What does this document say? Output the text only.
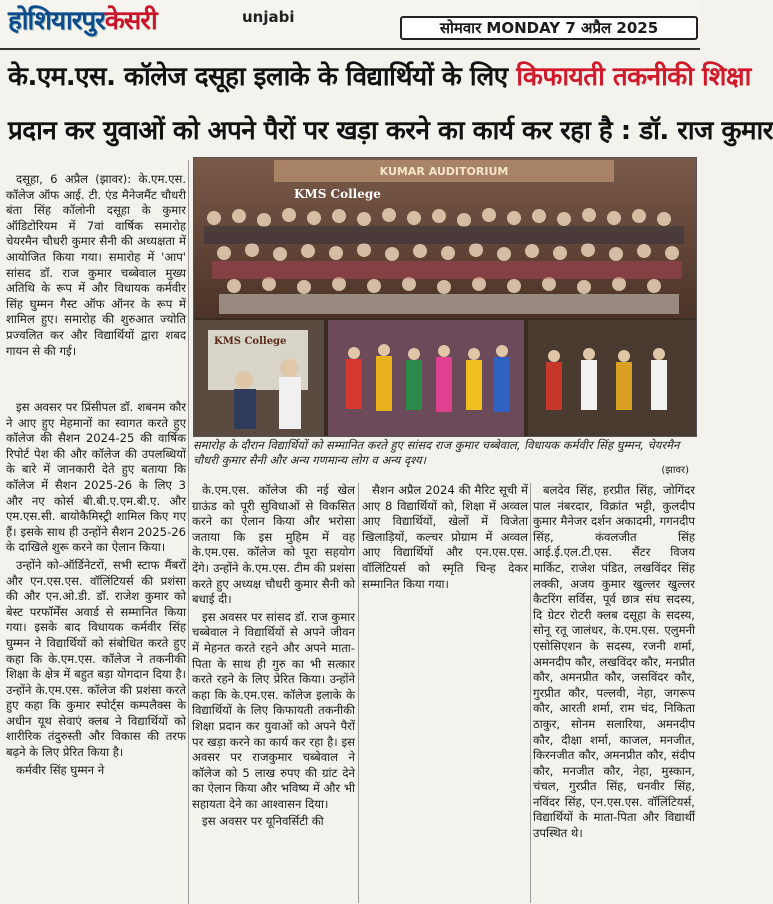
होशियारपुर केसरी	unjabi
सोमवार MONDAY 7 अप्रैल 2025
के.एम.एस. कॉलेज दसूहा इलाके के विद्यार्थियों के लिए किफायती तकनीकी शिक्षा
प्रदान कर युवाओं को अपने पैरों पर खड़ा करने का कार्य कर रहा है : डॉ. राज कुमार

दसूहा, 6 अप्रैल (झावर): के.एम.एस. कॉलेज ऑफ आई. टी. एंड मैनेजमैंट चौधरी बंता सिंह कॉलोनी दसूहा के कुमार ऑडिटोरियम में 7वां वार्षिक समारोह चेयरमैन चौधरी कुमार सैनी की अध्यक्षता में आयोजित किया गया। समारोह में 'आप' सांसद डॉ. राज कुमार चब्बेवाल मुख्य अतिथि के रूप में और विधायक कर्मवीर सिंह घुम्मन गैस्ट ऑफ ऑनर के रूप में शामिल हुए। समारोह की शुरुआत ज्योति प्रज्वलित कर और विद्यार्थियों द्वारा शबद गायन से की गई।

KUMAR AUDITORIUM
KMS College
KMS College
समारोह के दौरान विद्यार्थियों को सम्मानित करते हुए सांसद राज कुमार चब्बेवाल, विधायक कर्मवीर सिंह घुम्मन, चेयरमैन चौधरी कुमार सैनी और अन्य गणमान्य लोग व अन्य दृश्य।
(झावर)

इस अवसर पर प्रिंसीपल डॉ. शबनम कौर ने आए हुए मेहमानों का स्वागत करते हुए कॉलेज की सैशन 2024-25 की वार्षिक रिपोर्ट पेश की और कॉलेज की उपलब्धियों के बारे में जानकारी देते हुए बताया कि कॉलेज में सैशन 2025-26 के लिए 3 और नए कोर्स बी.बी.ए.एम.बी.ए. और एम.एस.सी. बायोकैमिस्ट्री शामिल किए गए हैं। इसके साथ ही उन्होंने सैशन 2025-26 के दाखिले शुरू करने का ऐलान किया।

उन्होंने को-ऑर्डिनेटरों, सभी स्टाफ मैंबरों और एन.एस.एस. वॉलिंटियर्स की प्रशंसा की और एन.ओ.डी. डॉ. राजेश कुमार को बेस्ट परफॉर्मेंस अवार्ड से सम्मानित किया गया। इसके बाद विधायक कर्मवीर सिंह घुम्मन ने विद्यार्थियों को संबोधित करते हुए कहा कि के.एम.एस. कॉलेज ने तकनीकी शिक्षा के क्षेत्र में बहुत बड़ा योगदान दिया है। उन्होंने के.एम.एस. कॉलेज की प्रशंसा करते हुए कहा कि कुमार स्पोर्ट्स कम्पलैक्स के अधीन यूथ सेवाएं क्लब ने विद्यार्थियों को शारीरिक तंदुरुस्ती और विकास की तरफ बढ़ने के लिए प्रेरित किया है।

कर्मवीर सिंह घुम्मन ने

के.एम.एस. कॉलेज की नई खेल ग्राऊंड को पूरी सुविधाओं से विकसित करने का ऐलान किया और भरोसा जताया कि इस मुहिम में वह के.एम.एस. कॉलेज को पूरा सहयोग देंगे। उन्होंने के.एम.एस. टीम की प्रशंसा करते हुए अध्यक्ष चौधरी कुमार सैनी को बधाई दी।

इस अवसर पर सांसद डॉ. राज कुमार चब्बेवाल ने विद्यार्थियों से अपने जीवन में मेहनत करते रहने और अपने माता-पिता के साथ ही गुरु का भी सत्कार करते रहने के लिए प्रेरित किया। उन्होंने कहा कि के.एम.एस. कॉलेज इलाके के विद्यार्थियों के लिए किफायती तकनीकी शिक्षा प्रदान कर युवाओं को अपने पैरों पर खड़ा करने का कार्य कर रहा है। इस अवसर पर राजकुमार चब्बेवाल ने कॉलेज को 5 लाख रुपए की ग्रांट देने का ऐलान किया और भविष्य में और भी सहायता देने का आश्वासन दिया।

इस अवसर पर यूनिवर्सिटी की

सैशन अप्रैल 2024 की मैरिट सूची में आए 8 विद्यार्थियों को, शिक्षा में अव्वल आए विद्यार्थियों, खेलों में विजेता खिलाड़ियों, कल्चर प्रोग्राम में अव्वल आए विद्यार्थियों और एन.एस.एस. वॉलिंटियर्स को स्मृति चिन्ह देकर सम्मानित किया गया।

बलदेव सिंह, हरप्रीत सिंह, जोगिंदर पाल नंबरदार, विक्रांत भट्टी, कुलदीप कुमार मैनेजर दर्शन अकादमी, गगनदीप सिंह, कंवलजीत सिंह आई.ई.एल.टी.एस. सैंटर विजय मार्किट, राजेश पंडित, लखविंदर सिंह लक्की, अजय कुमार खुल्लर खुल्लर कैटरिंग सर्विस, पूर्व छात्र संघ सदस्य, दि ग्रेटर रोटरी क्लब दसूहा के सदस्य, सोनू रतू जालंधर, के.एम.एस. एलुमनी एसोसिएशन के सदस्य, रजनी शर्मा, अमनदीप कौर, लखविंदर कौर, मनप्रीत कौर, अमनप्रीत कौर, जसविंदर कौर, गुरप्रीत कौर, पल्लवी, नेहा, जगरूप कौर, आरती शर्मा, राम चंद, निकिता ठाकुर, सोनम सलारिया, अमनदीप कौर, दीक्षा शर्मा, काजल, मनजीत, किरनजीत कौर, अमनप्रीत कौर, संदीप कौर, मनजीत कौर, नेहा, मुस्कान, चंचल, गुरप्रीत सिंह, धनवीर सिंह, नविंदर सिंह, एन.एस.एस. वॉलिंटियर्स, विद्यार्थियों के माता-पिता और विद्यार्थी उपस्थित थे।
